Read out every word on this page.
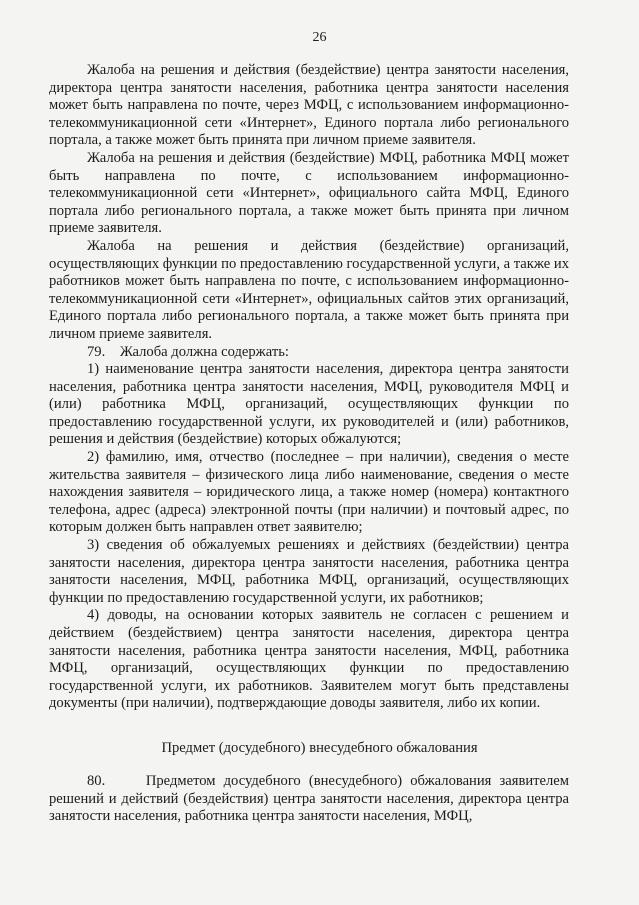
26

Жалоба на решения и действия (бездействие) центра занятости населения, директора центра занятости населения, работника центра занятости населения может быть направлена по почте, через МФЦ, с использованием информационно-телекоммуникационной сети «Интернет», Единого портала либо регионального портала, а также может быть принята при личном приеме заявителя.

Жалоба на решения и действия (бездействие) МФЦ, работника МФЦ может быть направлена по почте, с использованием информационно-телекоммуникационной сети «Интернет», официального сайта МФЦ, Единого портала либо регионального портала, а также может быть принята при личном приеме заявителя.

Жалоба на решения и действия (бездействие) организаций, осуществляющих функции по предоставлению государственной услуги, а также их работников может быть направлена по почте, с использованием информационно-телекоммуникационной сети «Интернет», официальных сайтов этих организаций, Единого портала либо регионального портала, а также может быть принята при личном приеме заявителя.

79.    Жалоба должна содержать:

1) наименование центра занятости населения, директора центра занятости населения, работника центра занятости населения, МФЦ, руководителя МФЦ и (или) работника МФЦ, организаций, осуществляющих функции по предоставлению государственной услуги, их руководителей и (или) работников, решения и действия (бездействие) которых обжалуются;

2) фамилию, имя, отчество (последнее – при наличии), сведения о месте жительства заявителя – физического лица либо наименование, сведения о месте нахождения заявителя – юридического лица, а также номер (номера) контактного телефона, адрес (адреса) электронной почты (при наличии) и почтовый адрес, по которым должен быть направлен ответ заявителю;

3) сведения об обжалуемых решениях и действиях (бездействии) центра занятости населения, директора центра занятости населения, работника центра занятости населения, МФЦ, работника МФЦ, организаций, осуществляющих функции по предоставлению государственной услуги, их работников;

4) доводы, на основании которых заявитель не согласен с решением и действием (бездействием) центра занятости населения, директора центра занятости населения, работника центра занятости населения, МФЦ, работника МФЦ, организаций, осуществляющих функции по предоставлению государственной услуги, их работников. Заявителем могут быть представлены документы (при наличии), подтверждающие доводы заявителя, либо их копии.

Предмет (досудебного) внесудебного обжалования

80.     Предметом досудебного (внесудебного) обжалования заявителем решений и действий (бездействия) центра занятости населения, директора центра занятости населения, работника центра занятости населения, МФЦ,
